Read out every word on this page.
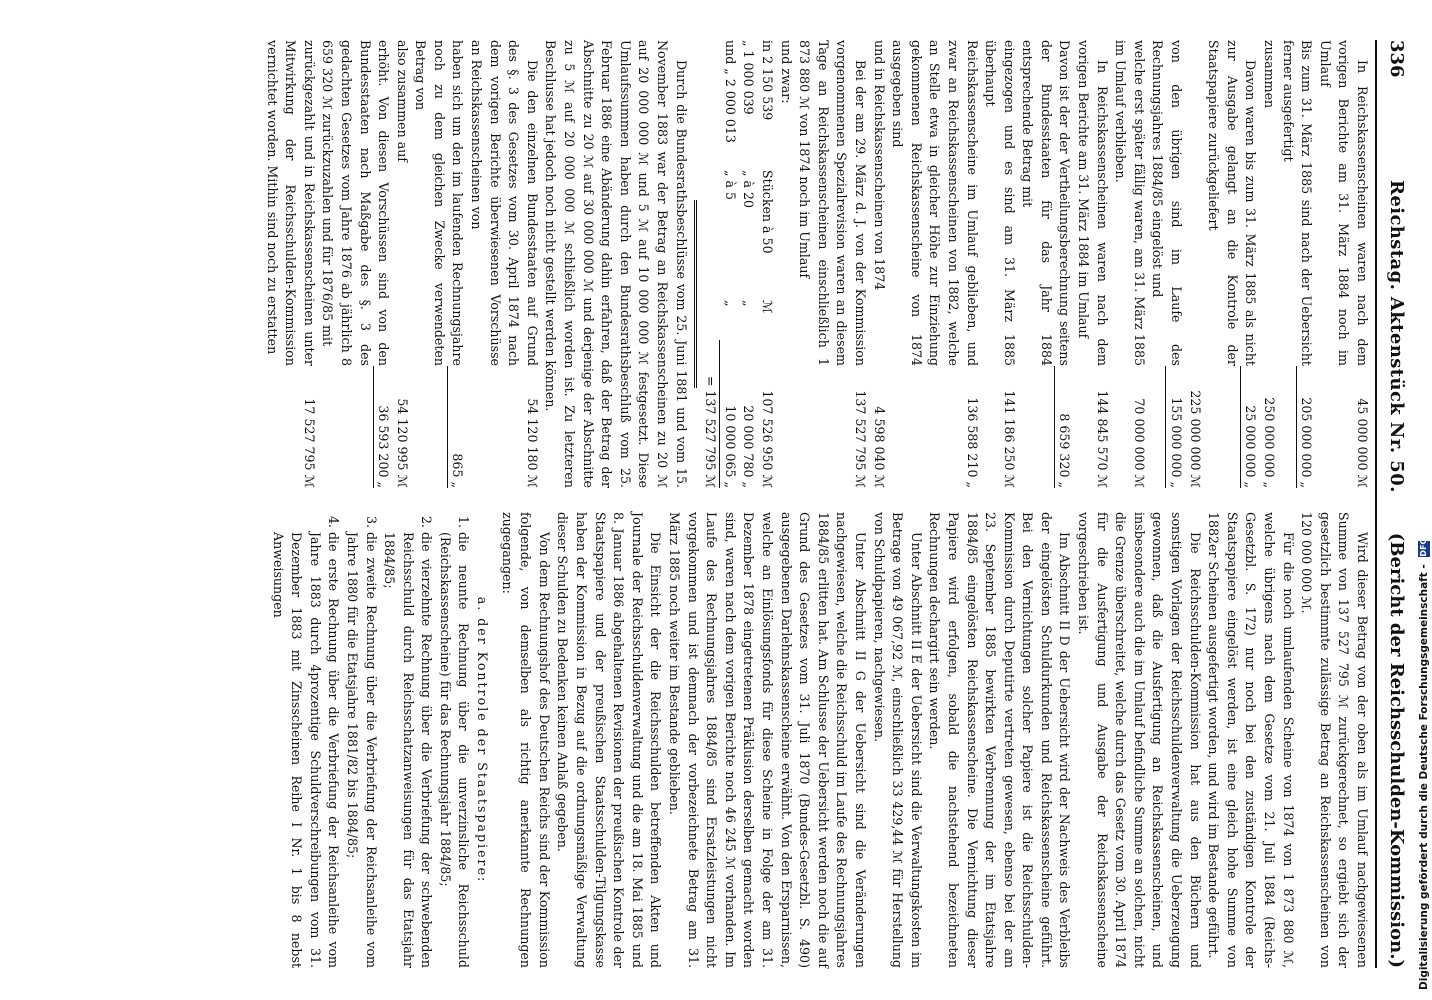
336
Reichstag. Aktenstück Nr. 50.
(Bericht der Reichsschulden-Kommission.)

In Reichskassenscheinen waren nach dem vorigen Berichte am 31. März 1884 noch im Umlauf

45 000 000 ℳ

Bis zum 31. März 1885 sind nach der Uebersicht ferner ausgefertigt

205 000 000 „

zusammen

250 000 000 „

Davon waren bis zum 31. März 1885 als nicht zur Ausgabe gelangt an die Kontrole der Staatspapiere zurückgeliefert

25 000 000 „

225 000 000 ℳ

von den übrigen sind im Laufe des Rechnungsjahres 1884/85 eingelöst und

155 000 000 „

welche erst später fällig waren, am 31. März 1885 im Umlauf verblieben.

70 000 000 ℳ

In Reichskassenscheinen waren nach dem vorigen Berichte am 31. März 1884 im Umlauf

144 845 570 ℳ

Davon ist der der Vertheilungsberechnung seitens der Bundesstaaten für das Jahr 1884 entsprechende Betrag mit

8 659 320 „

eingezogen und es sind am 31. März 1885 überhaupt

141 186 250 ℳ

Reichskassenscheine im Umlauf geblieben, und zwar an Reichskassenscheinen von 1882, welche an Stelle etwa in gleicher Höhe zur Einziehung gekommenen Reichskassenscheine von 1874 ausgegeben sind

136 588 210 „

und in Reichskassenscheinen von 1874

4 598 040 ℳ

Bei der am 29. März d. J. von der Kommission vorgenommenen Spezialrevision waren an diesem Tage an Reichskassenscheinen einschließlich 1 873 880 ℳ von 1874 noch im Umlauf

137 527 795 ℳ

und zwar:

in 2 150 539
Stücken à 50
ℳ
107 526 950 ℳ
„ 1 000 039
„ à 20
„
20 000 780 „
und „ 2 000 013
„ à 5
„
10 000 065 „
= 137 527 795 ℳ

Durch die Bundesrathsbeschlüsse vom 25. Juni 1881 und vom 15. November 1883 war der Betrag an Reichskassenscheinen zu 20 ℳ auf 20 000 000 ℳ und 5 ℳ auf 10 000 000 ℳ festgesetzt. Diese Umlaufssummen haben durch den Bundesrathsbeschluß vom 25. Februar 1886 eine Abänderung dahin erfahren, daß der Betrag der Abschnitte zu 20 ℳ auf 30 000 000 ℳ und derjenige der Abschnitte zu 5 ℳ auf 20 000 000 ℳ schließlich worden ist. Zu letzteren Beschlusse hat jedoch noch nicht gestellt werden können.

Die den einzelnen Bundesstaaten auf Grund des §. 3 des Gesetzes vom 30. April 1874 nach dem vorigen Berichte überwiesenen Vorschüsse an Reichskassenscheinen von

54 120 180 ℳ

haben sich um den im laufenden Rechnungsjahre noch zu dem gleichen Zwecke verwendeten Betrag von

865 „

also zusammen auf

54 120 995 ℳ

erhöht. Von diesen Vorschüssen sind von den Bundesstaaten nach Maßgabe des §. 3 des gedachten Gesetzes vom Jahre 1876 ab jährlich 8 659 320 ℳ zurückzuzahlen und für 1876/85 mit

36 593 200 „

zurückgezahlt und in Reichskassenscheinen unter Mitwirkung der Reichsschulden-Kommission vernichtet worden. Mithin sind noch zu erstatten

17 527 795 ℳ

Wird dieser Betrag von der oben als im Umlauf nachgewiesenen Summe von 137 527 795 ℳ zurückgerechnet, so ergiebt sich der gesetzlich bestimmte zulässige Betrag an Reichskassenscheinen von 120 000 000 ℳ.

Für die noch umlaufenden Scheine von 1874 von 1 873 880 ℳ, welche übrigens nach dem Gesetze vom 21. Juli 1884 (Reichs-Gesetzbl. S. 172) nur noch bei den zuständigen Kontrole der Staatspapiere eingelöst werden, ist eine gleich hohe Summe von 1882er Scheinen ausgefertigt worden, und wird im Bestande geführt.

Die Reichsschulden-Kommission hat aus den Büchern und sonstigen Vorlagen der Reichsschuldenverwaltung die Ueberzeugung gewonnen, daß die Ausfertigung an Reichskassenscheinen, und insbesondere auch die im Umlauf befindliche Summe an solchen, nicht die Grenze überschreitet, welche durch das Gesetz vom 30. April 1874 für die Ausfertigung und Ausgabe der Reichskassenscheine vorgeschrieben ist.

Im Abschnitt II D der Uebersicht wird der Nachweis des Verbleibs der eingelösten Schuldurkunden und Reichskassenscheine geführt. Bei den Vernichtungen solcher Papiere ist die Reichsschulden-Kommission durch Deputirte vertreten gewesen, ebenso bei der am 23. September 1885 bewirkten Verbrennung der im Etatsjahre 1884/85 eingelösten Reichskassenscheine. Die Vernichtung dieser Papiere wird erfolgen, sobald die nachstehend bezeichneten Rechnungen dechargirt sein werden.

Unter Abschnitt II E der Uebersicht sind die Verwaltungskosten im Betrage von 49 067,92 ℳ, einschließlich 33 429,44 ℳ für Herstellung von Schuldpapieren, nachgewiesen.

Unter Abschnitt II G der Uebersicht sind die Veränderungen nachgewiesen, welche die Reichsschuld im Laufe des Rechnungsjahres 1884/85 erlitten hat. Am Schlusse der Uebersicht werden noch die auf Grund des Gesetzes vom 31. Juli 1870 (Bundes-Gesetzbl. S. 490) ausgegebenen Darlehnskassenscheine erwähnt. Von den Ersparnissen, welche an Einlösungsfonds für diese Scheine in Folge der am 31. Dezember 1878 eingetretenen Präklusion derselben gemacht worden sind, waren nach dem vorigen Berichte noch 46 245 ℳ vorhanden. Im Laufe des Rechnungsjahres 1884/85 sind Ersatzleistungen nicht vorgekommen und ist demnach der vorbezeichnete Betrag am 31. März 1885 noch weiter im Bestande geblieben.

Die Einsicht der die Reichsschulden betreffenden Akten und Journale der Reichsschuldenverwaltung und die am 18. Mai 1885 und 8. Januar 1886 abgehaltenen Revisionen der preußischen Kontrole der Staatspapiere und der preußischen Staatsschulden-Tilgungskasse haben der Kommission in Bezug auf die ordnungsmäßige Verwaltung dieser Schulden zu Bedenken keinen Anlaß gegeben.

Von dem Rechnungshof des Deutschen Reichs sind der Kommission folgende, von demselben als richtig anerkannte Rechnungen zugegangen:

a. der Kontrole der Staatspapiere:
1. die neunte Rechnung über die unverzinsliche Reichsschuld (Reichskassenscheine) für das Rechnungsjahr 1884/85;
2. die vierzehnte Rechnung über die Verbriefung der schwebenden Reichsschuld durch Reichsschatzanweisungen für das Etatsjahr 1884/85;
3. die zweite Rechnung über die Verbriefung der Reichsanleihe vom Jahre 1880 für die Etatsjahre 1881/82 bis 1884/85;
4. die erste Rechnung über die Verbriefung der Reichsanleihe vom Jahre 1883 durch 4prozentige Schuldverschreibungen vom 31. Dezember 1883 mit Zinsscheinen Reihe I Nr. 1 bis 8 nebst Anweisungen	Digitalisierung gefördert durch die Deutsche Forschungsgemeinschaft - DFG
